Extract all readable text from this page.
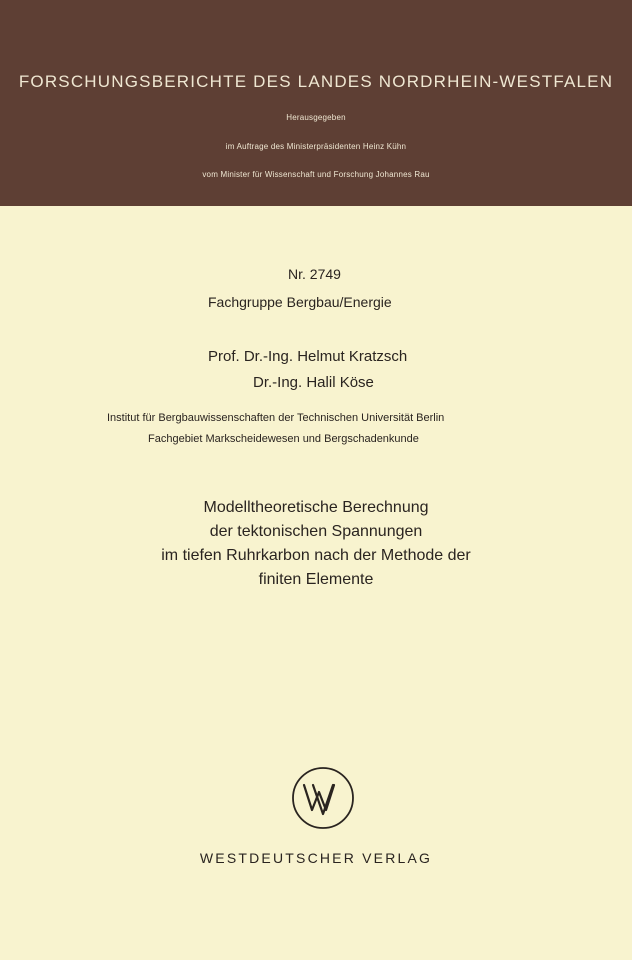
FORSCHUNGSBERICHTE DES LANDES NORDRHEIN-WESTFALEN
Herausgegeben
im Auftrage des Ministerpräsidenten Heinz Kühn
vom Minister für Wissenschaft und Forschung Johannes Rau
Nr. 2749
Fachgruppe Bergbau/Energie
Prof. Dr.-Ing. Helmut Kratzsch
Dr.-Ing. Halil Köse
Institut für Bergbauwissenschaften der Technischen Universität Berlin
Fachgebiet Markscheidewesen und Bergschadenkunde
Modelltheoretische Berechnung
der tektonischen Spannungen
im tiefen Ruhrkarbon nach der Methode der
finiten Elemente
WESTDEUTSCHER VERLAG
